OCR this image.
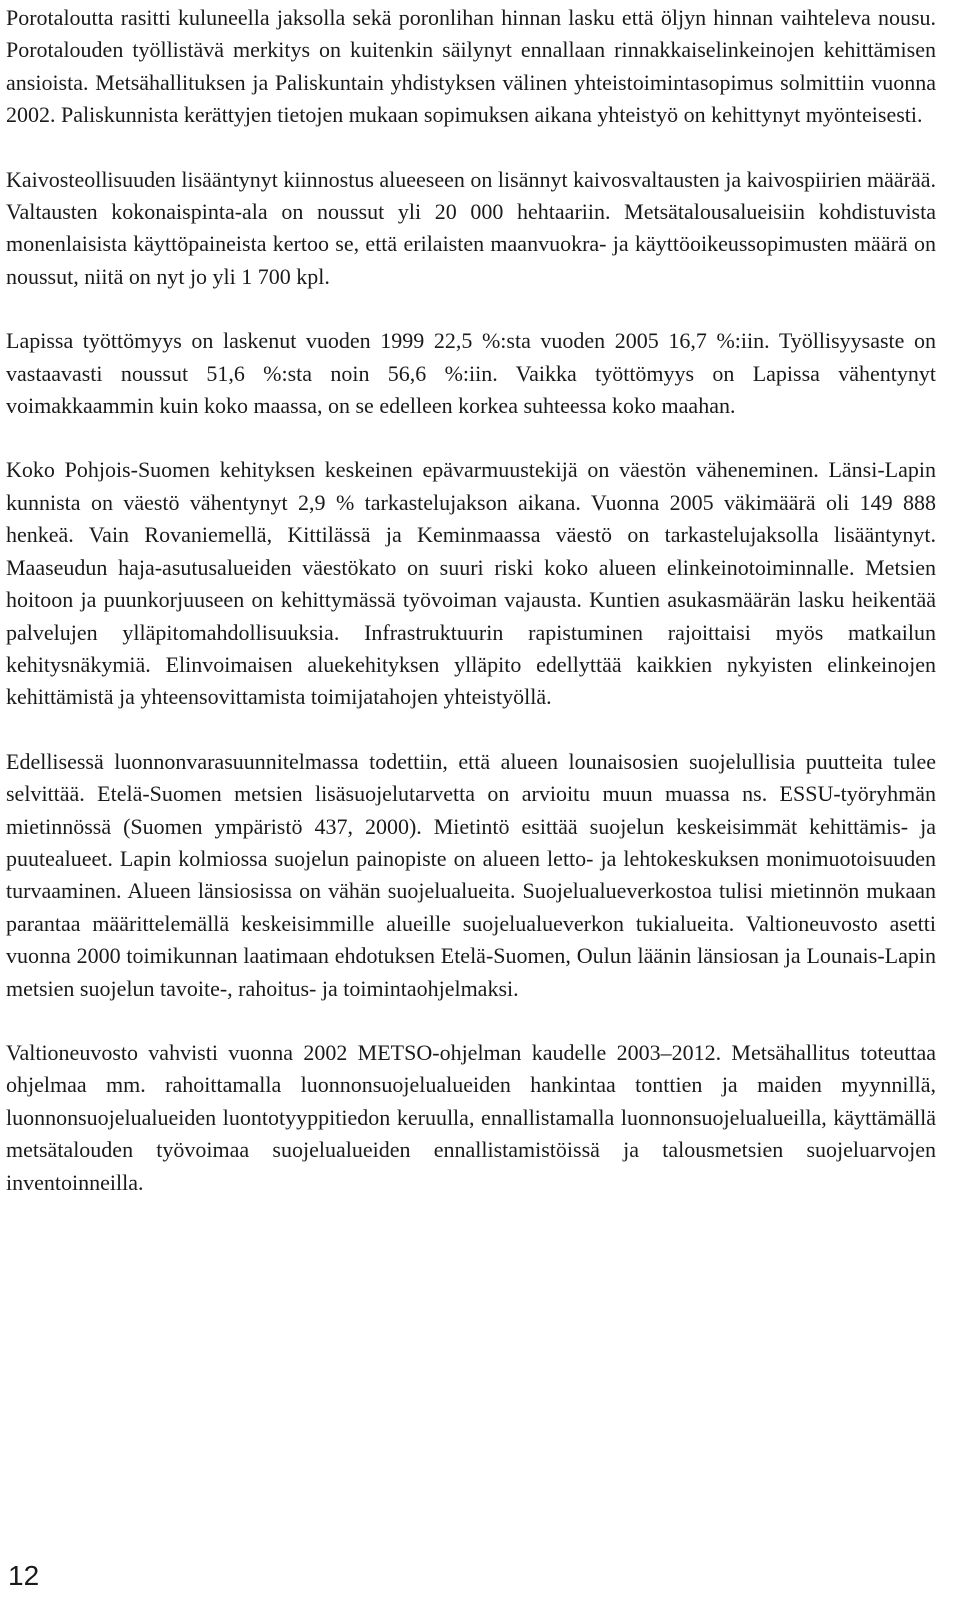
Porotaloutta rasitti kuluneella jaksolla sekä poronlihan hinnan lasku että öljyn hinnan vaihteleva nousu. Porotalouden työllistävä merkitys on kuitenkin säilynyt ennallaan rinnakkaiselinkeinojen kehittämisen ansioista. Metsähallituksen ja Paliskuntain yhdistyksen välinen yhteistoimintasopimus solmittiin vuonna 2002. Paliskunnista kerättyjen tietojen mukaan sopimuksen aikana yhteistyö on kehittynyt myönteisesti.

Kaivosteollisuuden lisääntynyt kiinnostus alueeseen on lisännyt kaivosvaltausten ja kaivospiirien määrää. Valtausten kokonaispinta-ala on noussut yli 20 000 hehtaariin. Metsätalousalueisiin kohdistuvista monenlaisista käyttöpaineista kertoo se, että erilaisten maanvuokra- ja käyttöoikeussopimusten määrä on noussut, niitä on nyt jo yli 1 700 kpl.

Lapissa työttömyys on laskenut vuoden 1999 22,5 %:sta vuoden 2005 16,7 %:iin. Työllisyysaste on vastaavasti noussut 51,6 %:sta noin 56,6 %:iin. Vaikka työttömyys on Lapissa vähentynyt voimakkaammin kuin koko maassa, on se edelleen korkea suhteessa koko maahan.

Koko Pohjois-Suomen kehityksen keskeinen epävarmuustekijä on väestön väheneminen. Länsi-Lapin kunnista on väestö vähentynyt 2,9 % tarkastelujakson aikana. Vuonna 2005 väkimäärä oli 149 888 henkeä. Vain Rovaniemellä, Kittilässä ja Keminmaassa väestö on tarkastelujaksolla lisääntynyt. Maaseudun haja-asutusalueiden väestökato on suuri riski koko alueen elinkeinotoiminnalle. Metsien hoitoon ja puunkorjuuseen on kehittymässä työvoiman vajausta. Kuntien asukasmäärän lasku heikentää palvelujen ylläpitomahdollisuuksia. Infrastruktuurin rapistuminen rajoittaisi myös matkailun kehitysnäkymiä. Elinvoimaisen aluekehityksen ylläpito edellyttää kaikkien nykyisten elinkeinojen kehittämistä ja yhteensovittamista toimijatahojen yhteistyöllä.

Edellisessä luonnonvarasuunnitelmassa todettiin, että alueen lounaisosien suojelullisia puutteita tulee selvittää. Etelä-Suomen metsien lisäsuojelutarvetta on arvioitu muun muassa ns. ESSU-työryhmän mietinnössä (Suomen ympäristö 437, 2000). Mietintö esittää suojelun keskeisimmät kehittämis- ja puutealueet. Lapin kolmiossa suojelun painopiste on alueen letto- ja lehtokeskuksen monimuotoisuuden turvaaminen. Alueen länsiosissa on vähän suojelualueita. Suojelualueverkostoa tulisi mietinnön mukaan parantaa määrittelemällä keskeisimmille alueille suojelualueverkon tukialueita. Valtioneuvosto asetti vuonna 2000 toimikunnan laatimaan ehdotuksen Etelä-Suomen, Oulun läänin länsiosan ja Lounais-Lapin metsien suojelun tavoite-, rahoitus- ja toimintaohjelmaksi.

Valtioneuvosto vahvisti vuonna 2002 METSO-ohjelman kaudelle 2003–2012. Metsähallitus toteuttaa ohjelmaa mm. rahoittamalla luonnonsuojelualueiden hankintaa tonttien ja maiden myynnillä, luonnonsuojelualueiden luontotyyppitiedon keruulla, ennallistamalla luonnonsuojelualueilla, käyttämällä metsätalouden työvoimaa suojelualueiden ennallistamistöissä ja talousmetsien suojeluarvojen inventoinneilla.

12
